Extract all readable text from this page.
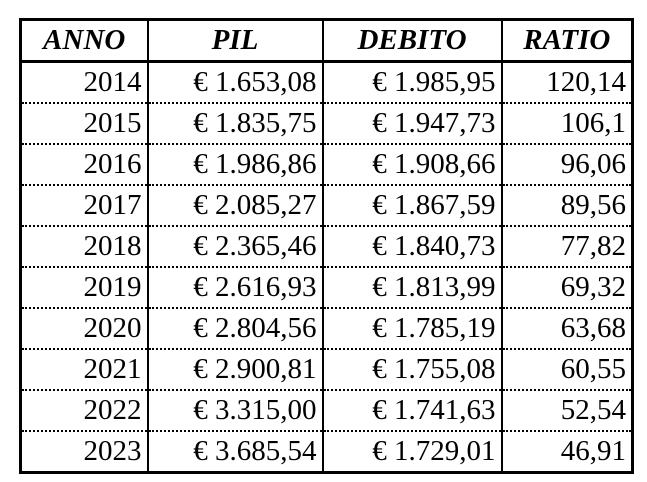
ANNO	PIL	DEBITO	RATIO
2014	€ 1.653,08	€ 1.985,95	120,14
2015	€ 1.835,75	€ 1.947,73	106,1
2016	€ 1.986,86	€ 1.908,66	96,06
2017	€ 2.085,27	€ 1.867,59	89,56
2018	€ 2.365,46	€ 1.840,73	77,82
2019	€ 2.616,93	€ 1.813,99	69,32
2020	€ 2.804,56	€ 1.785,19	63,68
2021	€ 2.900,81	€ 1.755,08	60,55
2022	€ 3.315,00	€ 1.741,63	52,54
2023	€ 3.685,54	€ 1.729,01	46,91
